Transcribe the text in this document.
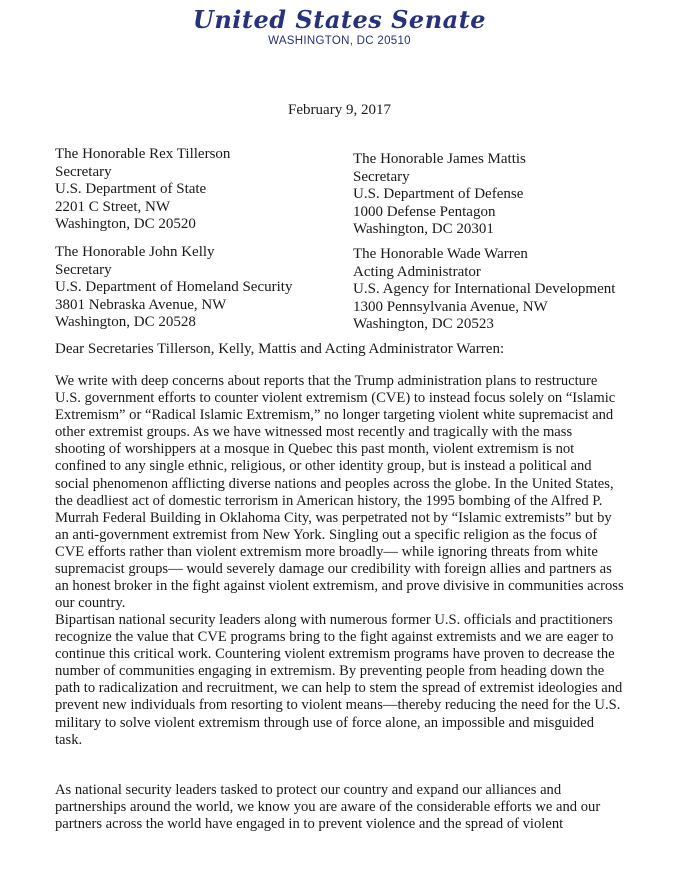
United States Senate
WASHINGTON, DC 20510
February 9, 2017
The Honorable Rex Tillerson
Secretary
U.S. Department of State
2201 C Street, NW
Washington, DC 20520
The Honorable James Mattis
Secretary
U.S. Department of Defense
1000 Defense Pentagon
Washington, DC 20301
The Honorable John Kelly
Secretary
U.S. Department of Homeland Security
3801 Nebraska Avenue, NW
Washington, DC 20528
The Honorable Wade Warren
Acting Administrator
U.S. Agency for International Development
1300 Pennsylvania Avenue, NW
Washington, DC 20523
Dear Secretaries Tillerson, Kelly, Mattis and Acting Administrator Warren:
We write with deep concerns about reports that the Trump administration plans to restructure
U.S. government efforts to counter violent extremism (CVE) to instead focus solely on “Islamic
Extremism” or “Radical Islamic Extremism,” no longer targeting violent white supremacist and
other extremist groups. As we have witnessed most recently and tragically with the mass
shooting of worshippers at a mosque in Quebec this past month, violent extremism is not
confined to any single ethnic, religious, or other identity group, but is instead a political and
social phenomenon afflicting diverse nations and peoples across the globe. In the United States,
the deadliest act of domestic terrorism in American history, the 1995 bombing of the Alfred P.
Murrah Federal Building in Oklahoma City, was perpetrated not by “Islamic extremists” but by
an anti-government extremist from New York. Singling out a specific religion as the focus of
CVE efforts rather than violent extremism more broadly— while ignoring threats from white
supremacist groups— would severely damage our credibility with foreign allies and partners as
an honest broker in the fight against violent extremism, and prove divisive in communities across
our country.
Bipartisan national security leaders along with numerous former U.S. officials and practitioners
recognize the value that CVE programs bring to the fight against extremists and we are eager to
continue this critical work. Countering violent extremism programs have proven to decrease the
number of communities engaging in extremism. By preventing people from heading down the
path to radicalization and recruitment, we can help to stem the spread of extremist ideologies and
prevent new individuals from resorting to violent means—thereby reducing the need for the U.S.
military to solve violent extremism through use of force alone, an impossible and misguided
task.
As national security leaders tasked to protect our country and expand our alliances and
partnerships around the world, we know you are aware of the considerable efforts we and our
partners across the world have engaged in to prevent violence and the spread of violent
